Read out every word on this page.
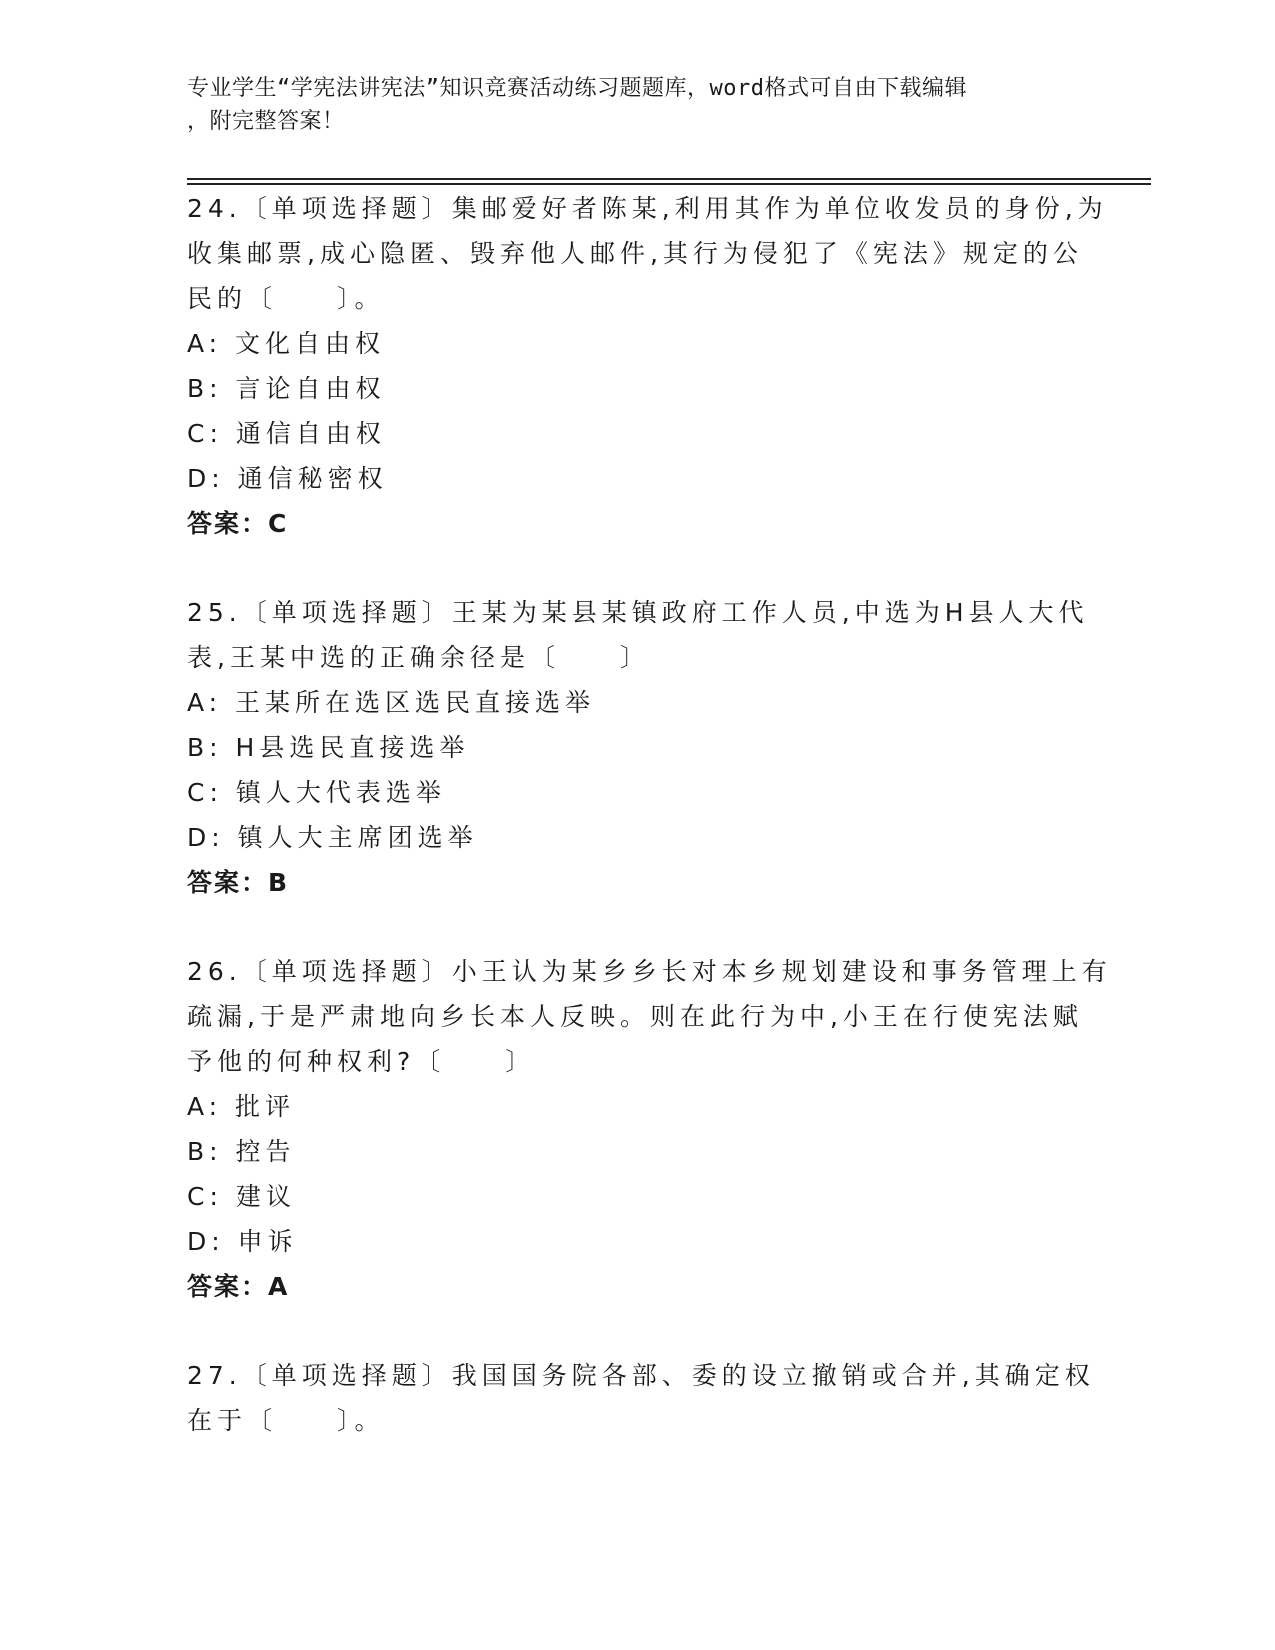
专业学生“学宪法讲宪法”知识竞赛活动练习题题库，word格式可自由下载编辑
，附完整答案！
24.〔单项选择题〕集邮爱好者陈某,利用其作为单位收发员的身份,为
收集邮票,成心隐匿、毁弃他人邮件,其行为侵犯了《宪法》规定的公
民的〔　　〕。
A: 文化自由权
B: 言论自由权
C: 通信自由权
D: 通信秘密权
答案：C
25.〔单项选择题〕王某为某县某镇政府工作人员,中选为H县人大代
表,王某中选的正确余径是〔　　〕
A: 王某所在选区选民直接选举
B: H县选民直接选举
C: 镇人大代表选举
D: 镇人大主席团选举
答案：B
26.〔单项选择题〕小王认为某乡乡长对本乡规划建设和事务管理上有
疏漏,于是严肃地向乡长本人反映。则在此行为中,小王在行使宪法赋
予他的何种权利?〔　　〕
A: 批评
B: 控告
C: 建议
D: 申诉
答案：A
27.〔单项选择题〕我国国务院各部、委的设立撤销或合并,其确定权
在于〔　　〕。
